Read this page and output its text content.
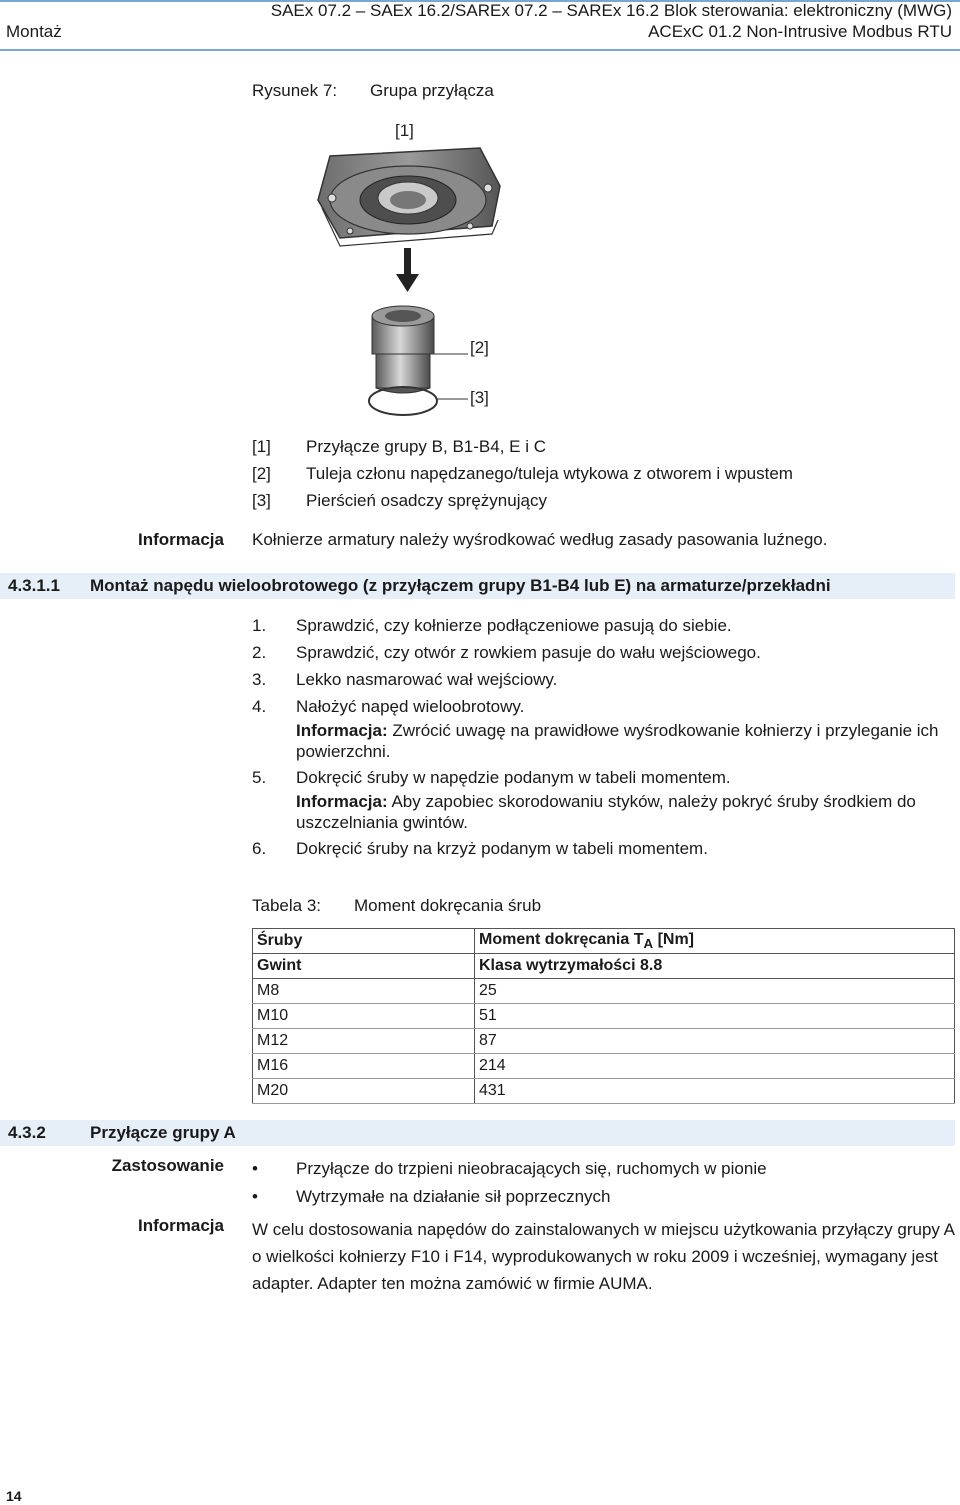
SAEx 07.2 – SAEx 16.2/SAREx 07.2 – SAREx 16.2 Blok sterowania: elektroniczny (MWG)
Montaż	ACExC 01.2 Non-Intrusive Modbus RTU
Rysunek 7: Grupa przyłącza
[1]
[2]
[3]
[1]	Przyłącze grupy B, B1-B4, E i C
[2]	Tuleja członu napędzanego/tuleja wtykowa z otworem i wpustem
[3]	Pierścień osadczy sprężynujący
Informacja Kołnierze armatury należy wyśrodkować według zasady pasowania luźnego.
4.3.1.1 Montaż napędu wieloobrotowego (z przyłączem grupy B1-B4 lub E) na armaturze/przekładni
1.	Sprawdzić, czy kołnierze podłączeniowe pasują do siebie.
2.	Sprawdzić, czy otwór z rowkiem pasuje do wału wejściowego.
3.	Lekko nasmarować wał wejściowy.
4.	Nałożyć napęd wieloobrotowy.
Informacja: Zwrócić uwagę na prawidłowe wyśrodkowanie kołnierzy i przyleganie ich powierzchni.
5.	Dokręcić śruby w napędzie podanym w tabeli momentem.
Informacja: Aby zapobiec skorodowaniu styków, należy pokryć śruby środkiem do uszczelniania gwintów.
6.	Dokręcić śruby na krzyż podanym w tabeli momentem.
Tabela 3: Moment dokręcania śrub
Śruby	Moment dokręcania $T_A$ [Nm]
Gwint	Klasa wytrzymałości 8.8
M8	25
M10	51
M12	87
M16	214
M20	431
4.3.2	Przyłącze grupy A
Zastosowanie •	Przyłącze do trzpieni nieobracających się, ruchomych w pionie
•	Wytrzymałe na działanie sił poprzecznych
Informacja W celu dostosowania napędów do zainstalowanych w miejscu użytkowania przyłączy grupy A o wielkości kołnierzy F10 i F14, wyprodukowanych w roku 2009 i wcześniej, wymagany jest adapter. Adapter ten można zamówić w firmie AUMA.
14
